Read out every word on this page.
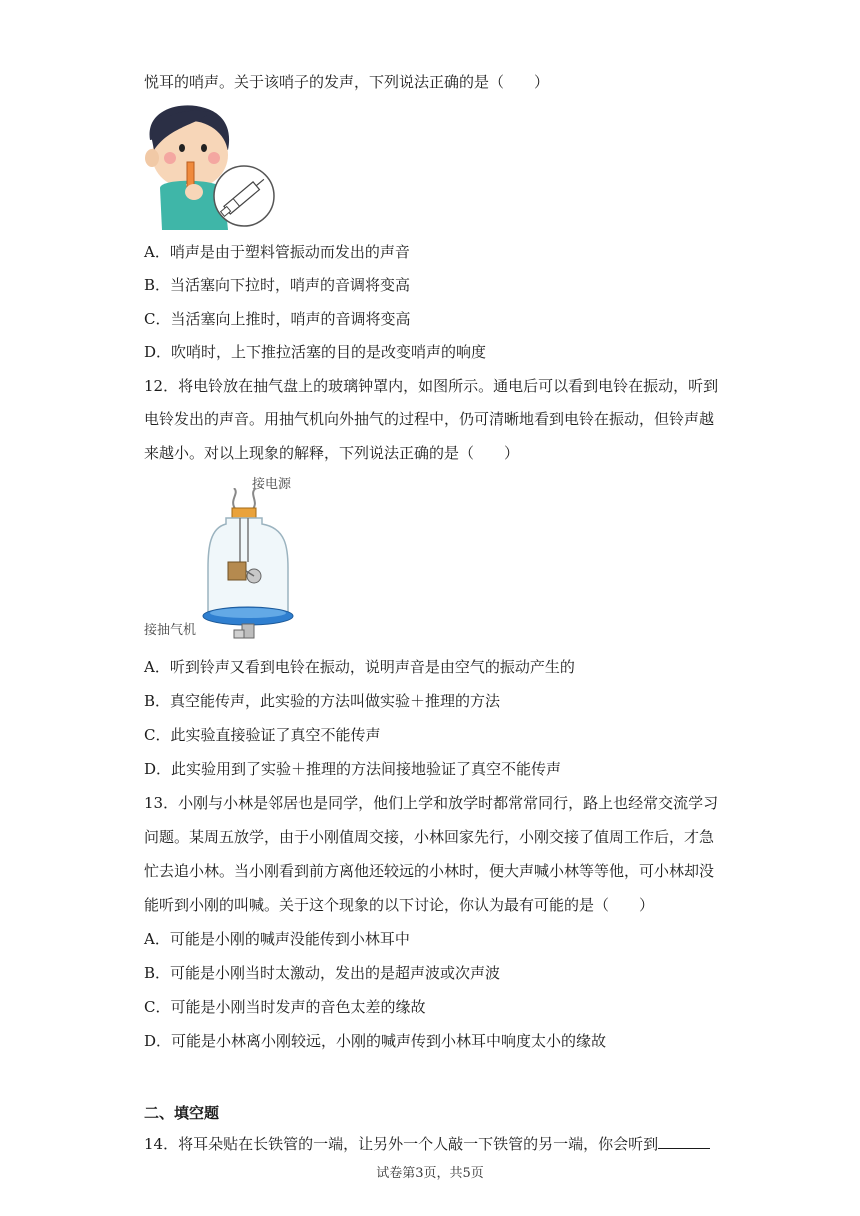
悦耳的哨声。关于该哨子的发声，下列说法正确的是（　　）
A．哨声是由于塑料管振动而发出的声音
B．当活塞向下拉时，哨声的音调将变高
C．当活塞向上推时，哨声的音调将变高
D．吹哨时，上下推拉活塞的目的是改变哨声的响度
12．将电铃放在抽气盘上的玻璃钟罩内，如图所示。通电后可以看到电铃在振动，听到
电铃发出的声音。用抽气机向外抽气的过程中，仍可清晰地看到电铃在振动，但铃声越
来越小。对以上现象的解释，下列说法正确的是（　　）
接电源
接抽气机
A．听到铃声又看到电铃在振动，说明声音是由空气的振动产生的
B．真空能传声，此实验的方法叫做实验＋推理的方法
C．此实验直接验证了真空不能传声
D．此实验用到了实验＋推理的方法间接地验证了真空不能传声
13．小刚与小林是邻居也是同学，他们上学和放学时都常常同行，路上也经常交流学习
问题。某周五放学，由于小刚值周交接，小林回家先行，小刚交接了值周工作后，才急
忙去追小林。当小刚看到前方离他还较远的小林时，便大声喊小林等等他，可小林却没
能听到小刚的叫喊。关于这个现象的以下讨论，你认为最有可能的是（　　）
A．可能是小刚的喊声没能传到小林耳中
B．可能是小刚当时太激动，发出的是超声波或次声波
C．可能是小刚当时发声的音色太差的缘故
D．可能是小林离小刚较远，小刚的喊声传到小林耳中响度太小的缘故
二、填空题
14．将耳朵贴在长铁管的一端，让另外一个人敲一下铁管的另一端，你会听到
试卷第3页，共5页
